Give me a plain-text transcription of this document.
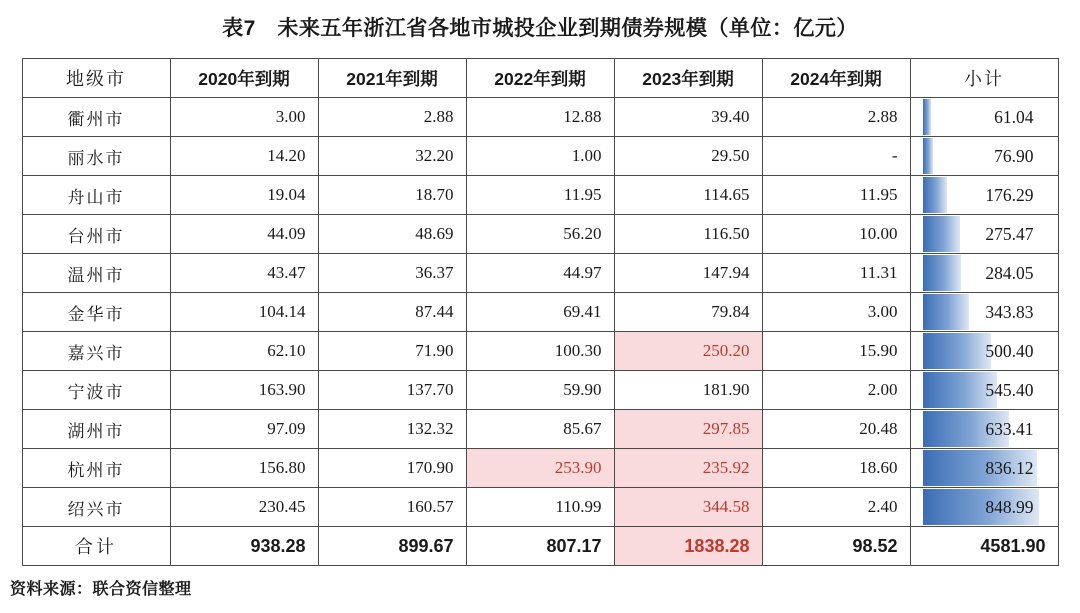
表7　未来五年浙江省各地市城投企业到期债券规模（单位：亿元）
地级市	2020年到期	2021年到期	2022年到期	2023年到期	2024年到期	小计
衢州市	3.00	2.88	12.88	39.40	2.88	61.04

丽水市	14.20	32.20	1.00	29.50	-	76.90

舟山市	19.04	18.70	11.95	114.65	11.95	176.29

台州市	44.09	48.69	56.20	116.50	10.00	275.47

温州市	43.47	36.37	44.97	147.94	11.31	284.05

金华市	104.14	87.44	69.41	79.84	3.00	343.83

嘉兴市	62.10	71.90	100.30	250.20	15.90	500.40

宁波市	163.90	137.70	59.90	181.90	2.00	545.40

湖州市	97.09	132.32	85.67	297.85	20.48	633.41

杭州市	156.80	170.90	253.90	235.92	18.60	836.12

绍兴市	230.45	160.57	110.99	344.58	2.40	848.99

合计	938.28	899.67	807.17	1838.28	98.52	4581.90
资料来源：联合资信整理
